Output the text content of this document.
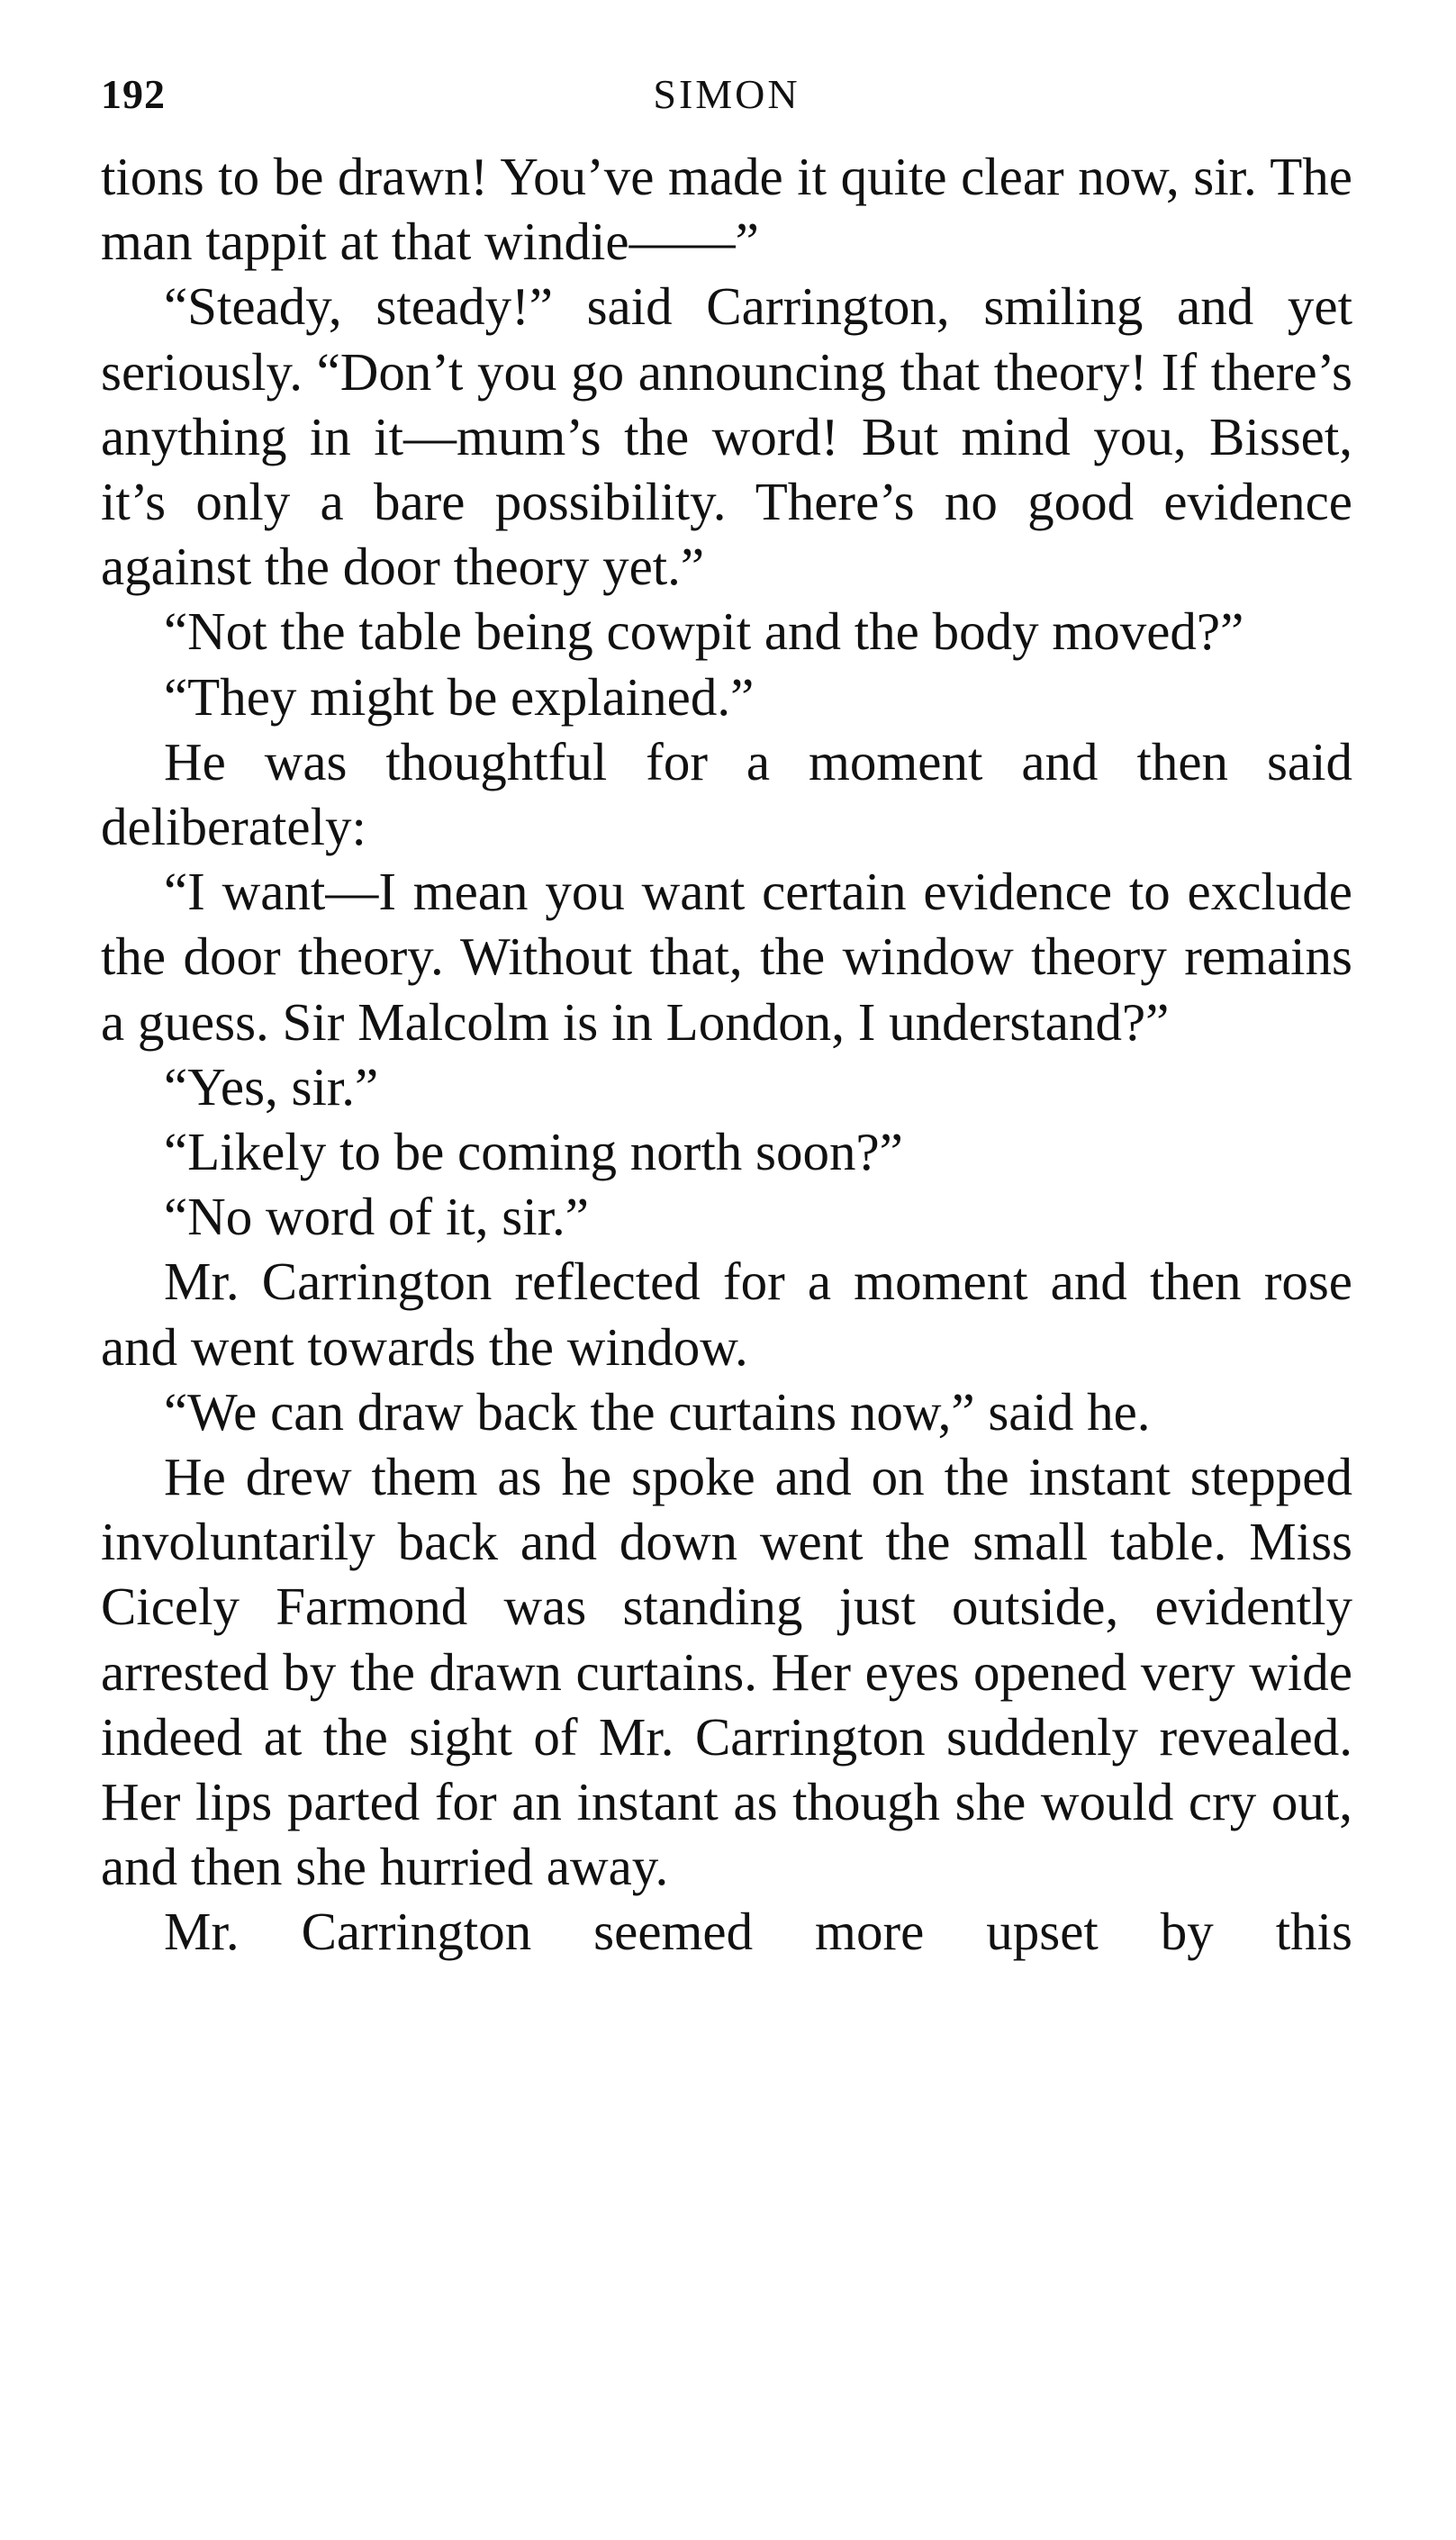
192	SIMON

tions to be drawn! You’ve made it quite clear now, sir. The man tappit at that windie——”

“Steady, steady!” said Carrington, smiling and yet seriously. “Don’t you go announcing that theory! If there’s anything in it—mum’s the word! But mind you, Bisset, it’s only a bare possibility. There’s no good evidence against the door theory yet.”

“Not the table being cowpit and the body moved?”

“They might be explained.”

He was thoughtful for a moment and then said deliberately:

“I want—I mean you want certain evidence to exclude the door theory. Without that, the window theory remains a guess. Sir Malcolm is in London, I understand?”

“Yes, sir.”

“Likely to be coming north soon?”

“No word of it, sir.”

Mr. Carrington reflected for a moment and then rose and went towards the window.

“We can draw back the curtains now,” said he.

He drew them as he spoke and on the instant stepped involuntarily back and down went the small table. Miss Cicely Farmond was standing just outside, evidently arrested by the drawn curtains. Her eyes opened very wide indeed at the sight of Mr. Carrington suddenly revealed. Her lips parted for an instant as though she would cry out, and then she hurried away.

Mr. Carrington seemed more upset by this
